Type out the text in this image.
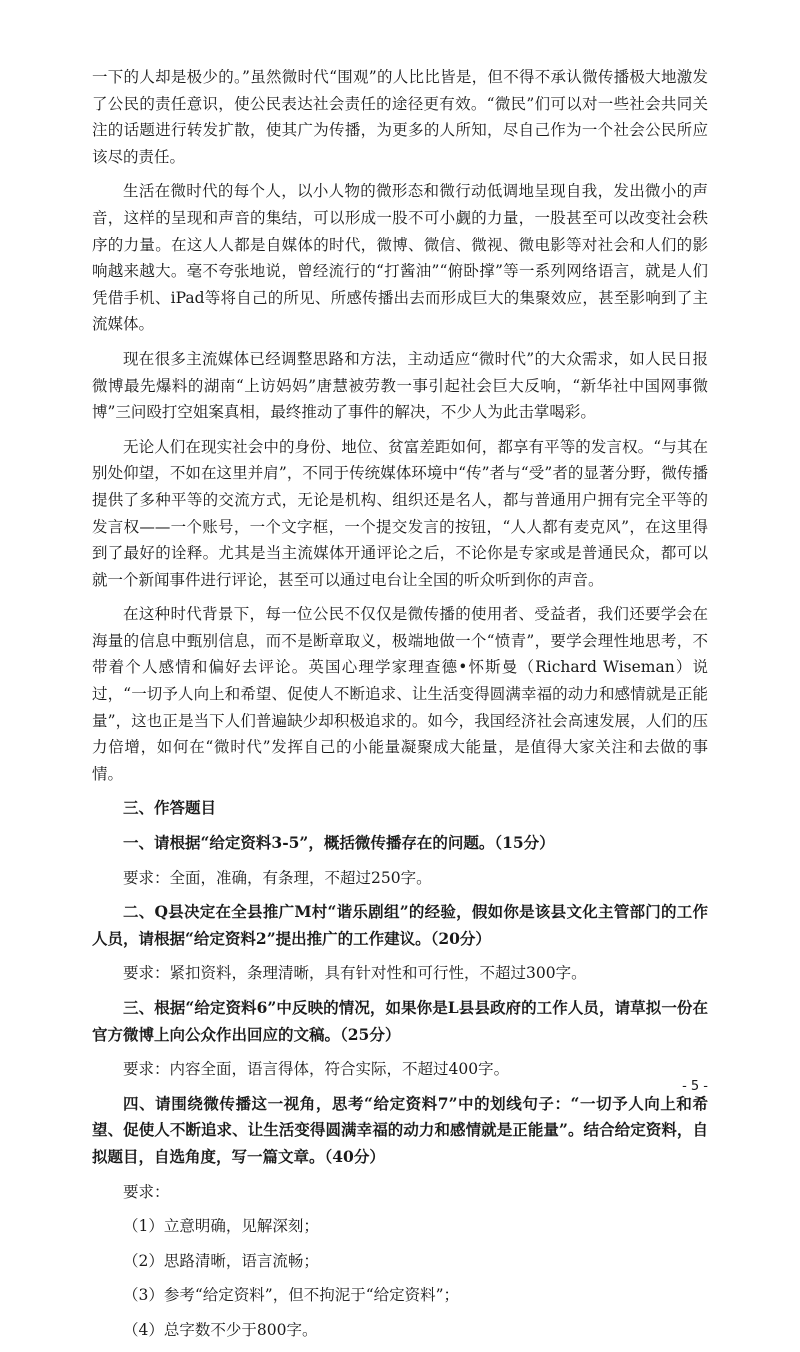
一下的人却是极少的。”虽然微时代“围观”的人比比皆是，但不得不承认微传播极大地激发了公民的责任意识，使公民表达社会责任的途径更有效。“微民”们可以对一些社会共同关注的话题进行转发扩散，使其广为传播，为更多的人所知，尽自己作为一个社会公民所应该尽的责任。

生活在微时代的每个人，以小人物的微形态和微行动低调地呈现自我，发出微小的声音，这样的呈现和声音的集结，可以形成一股不可小觑的力量，一股甚至可以改变社会秩序的力量。在这人人都是自媒体的时代，微博、微信、微视、微电影等对社会和人们的影响越来越大。毫不夸张地说，曾经流行的“打酱油”“俯卧撑”等一系列网络语言，就是人们凭借手机、iPad等将自己的所见、所感传播出去而形成巨大的集聚效应，甚至影响到了主流媒体。

现在很多主流媒体已经调整思路和方法，主动适应“微时代”的大众需求，如人民日报微博最先爆料的湖南“上访妈妈”唐慧被劳教一事引起社会巨大反响，“新华社中国网事微博”三问殴打空姐案真相，最终推动了事件的解决，不少人为此击掌喝彩。

无论人们在现实社会中的身份、地位、贫富差距如何，都享有平等的发言权。“与其在别处仰望，不如在这里并肩”，不同于传统媒体环境中“传”者与“受”者的显著分野，微传播提供了多种平等的交流方式，无论是机构、组织还是名人，都与普通用户拥有完全平等的发言权——一个账号，一个文字框，一个提交发言的按钮，“人人都有麦克风”，在这里得到了最好的诠释。尤其是当主流媒体开通评论之后，不论你是专家或是普通民众，都可以就一个新闻事件进行评论，甚至可以通过电台让全国的听众听到你的声音。

在这种时代背景下，每一位公民不仅仅是微传播的使用者、受益者，我们还要学会在海量的信息中甄别信息，而不是断章取义，极端地做一个“愤青”，要学会理性地思考，不带着个人感情和偏好去评论。英国心理学家理查德•怀斯曼（Richard Wiseman）说过，“一切予人向上和希望、促使人不断追求、让生活变得圆满幸福的动力和感情就是正能量”，这也正是当下人们普遍缺少却积极追求的。如今，我国经济社会高速发展，人们的压力倍增，如何在“微时代”发挥自己的小能量凝聚成大能量，是值得大家关注和去做的事情。

三、作答题目

一、请根据“给定资料3-5”，概括微传播存在的问题。（15分）

要求：全面，准确，有条理，不超过250字。

二、Q县决定在全县推广M村“谐乐剧组”的经验，假如你是该县文化主管部门的工作人员，请根据“给定资料2”提出推广的工作建议。（20分）

要求：紧扣资料，条理清晰，具有针对性和可行性，不超过300字。

三、根据“给定资料6”中反映的情况，如果你是L县县政府的工作人员，请草拟一份在官方微博上向公众作出回应的文稿。（25分）

要求：内容全面，语言得体，符合实际，不超过400字。

四、请围绕微传播这一视角，思考“给定资料7”中的划线句子：“一切予人向上和希望、促使人不断追求、让生活变得圆满幸福的动力和感情就是正能量”。结合给定资料，自拟题目，自选角度，写一篇文章。（40分）

要求：

（1）立意明确，见解深刻；

（2）思路清晰，语言流畅；

（3）参考“给定资料”，但不拘泥于“给定资料”；

（4）总字数不少于800字。

- 5 -
